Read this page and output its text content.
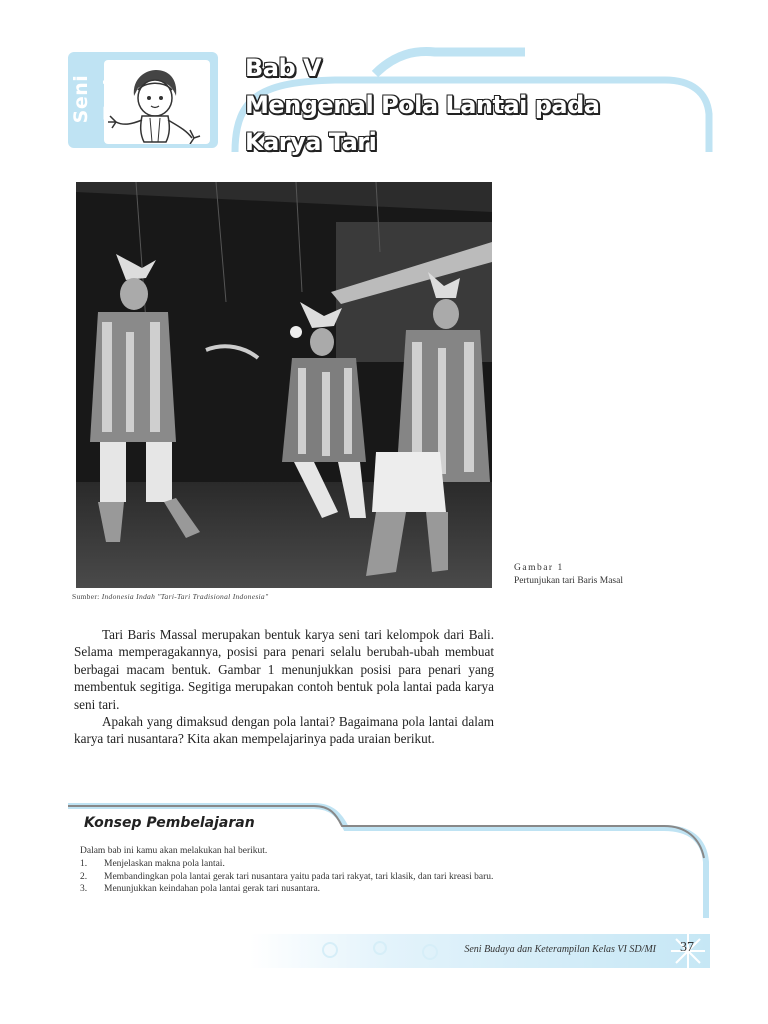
Seni Tari
Bab V
Mengenal Pola Lantai pada
Karya Tari
Gambar 1
Pertunjukan tari Baris Masal
Sumber: Indonesia Indah "Tari-Tari Tradisional Indonesia"

Tari Baris Massal merupakan bentuk karya seni tari kelompok dari Bali. Selama memperagakannya, posisi para penari selalu berubah-ubah membuat berbagai macam bentuk. Gambar 1 menunjukkan posisi para penari yang membentuk segitiga. Segitiga merupakan contoh bentuk pola lantai pada karya seni tari.

Apakah yang dimaksud dengan pola lantai? Bagaimana pola lantai dalam karya tari nusantara? Kita akan mempelajarinya pada uraian berikut.

Konsep Pembelajaran
Dalam bab ini kamu akan melakukan hal berikut.
1.	Menjelaskan makna pola lantai.
2.	Membandingkan pola lantai gerak tari nusantara yaitu pada tari rakyat, tari klasik, dan tari kreasi baru.
3.	Menunjukkan keindahan pola lantai gerak tari nusantara.
Seni Budaya dan Keterampilan Kelas VI SD/MI	37
